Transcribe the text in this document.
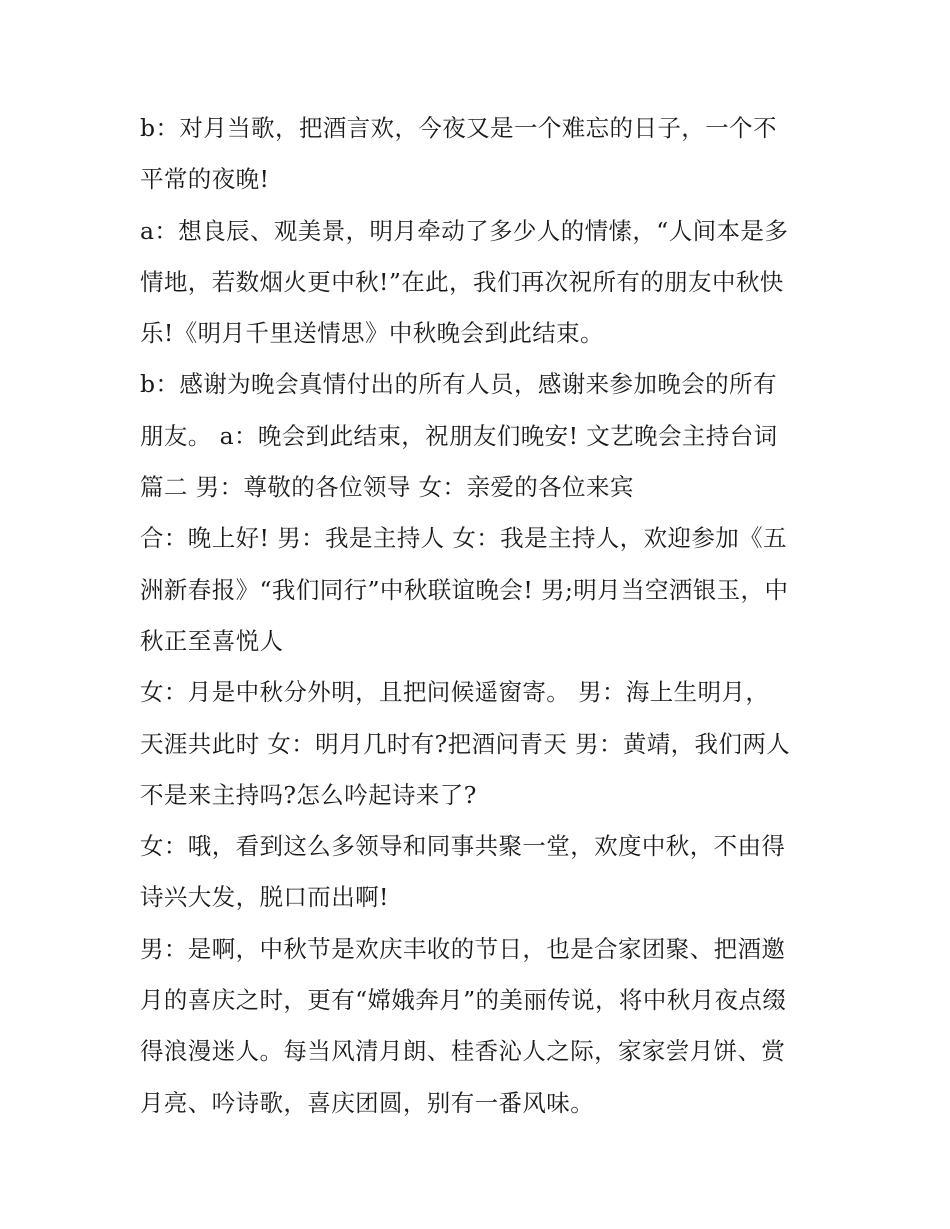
b：对月当歌，把酒言欢，今夜又是一个难忘的日子，一个不
平常的夜晚!

a：想良辰、观美景，明月牵动了多少人的情愫，“人间本是多
情地，若数烟火更中秋!”在此，我们再次祝所有的朋友中秋快
乐!《明月千里送情思》中秋晚会到此结束。

b：感谢为晚会真情付出的所有人员，感谢来参加晚会的所有
朋友。 a：晚会到此结束，祝朋友们晚安! 文艺晚会主持台词
篇二 男：尊敬的各位领导 女：亲爱的各位来宾

合：晚上好! 男：我是主持人 女：我是主持人，欢迎参加《五
洲新春报》“我们同行”中秋联谊晚会! 男;明月当空洒银玉，中
秋正至喜悦人

女：月是中秋分外明，且把问候遥窗寄。 男：海上生明月，
天涯共此时 女：明月几时有?把酒问青天 男：黄靖，我们两人
不是来主持吗?怎么吟起诗来了?

女：哦，看到这么多领导和同事共聚一堂，欢度中秋，不由得
诗兴大发，脱口而出啊!

男：是啊，中秋节是欢庆丰收的节日，也是合家团聚、把酒邀
月的喜庆之时，更有“嫦娥奔月”的美丽传说，将中秋月夜点缀
得浪漫迷人。每当风清月朗、桂香沁人之际，家家尝月饼、赏
月亮、吟诗歌，喜庆团圆，别有一番风味。
